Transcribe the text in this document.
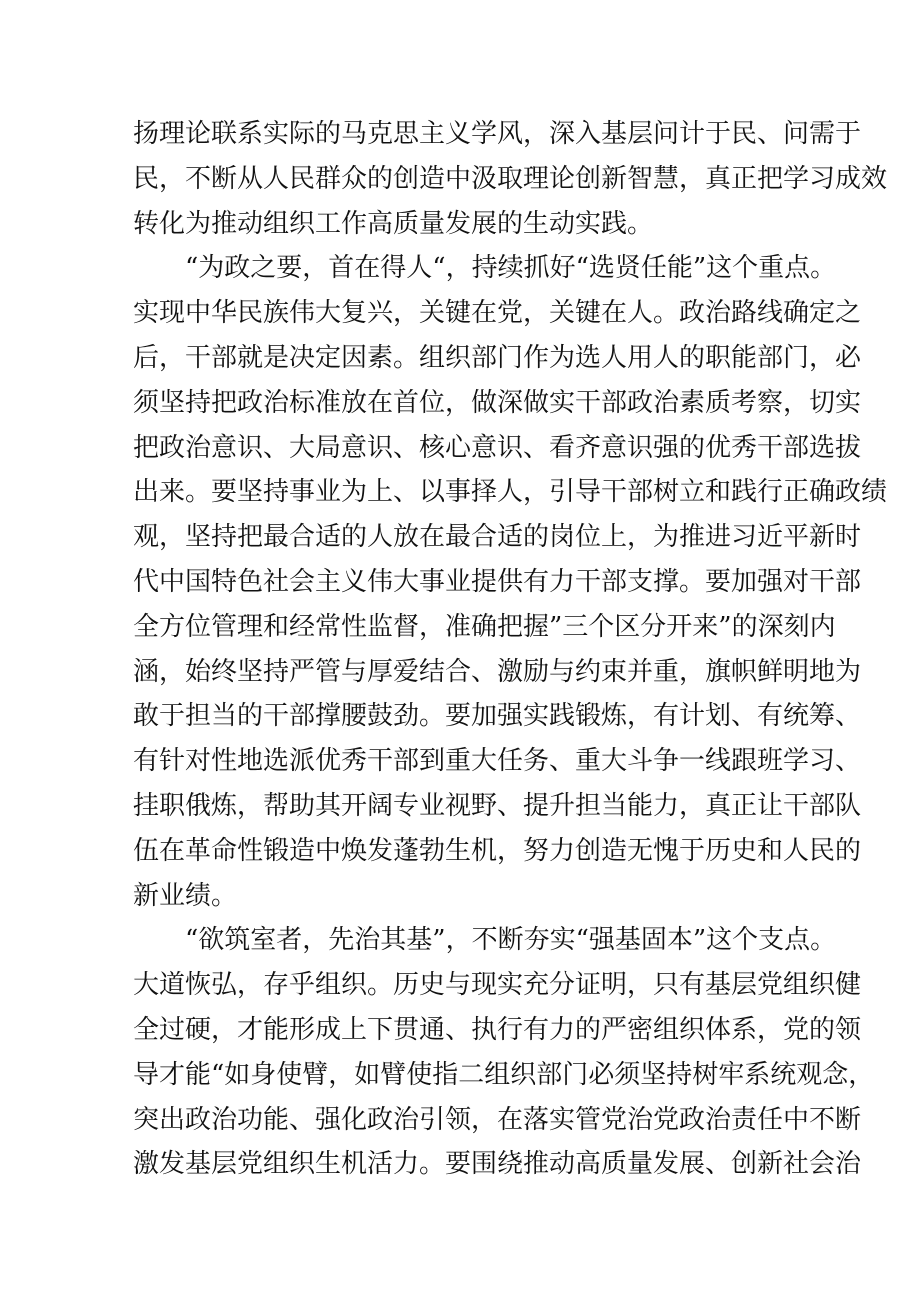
扬理论联系实际的马克思主义学风，深入基层问计于民、问需于
民，不断从人民群众的创造中汲取理论创新智慧，真正把学习成效
转化为推动组织工作高质量发展的生动实践。
“为政之要，首在得人“，持续抓好“选贤任能”这个重点。
实现中华民族伟大复兴，关键在党，关键在人。政治路线确定之
后，干部就是决定因素。组织部门作为选人用人的职能部门，必
须坚持把政治标准放在首位，做深做实干部政治素质考察，切实
把政治意识、大局意识、核心意识、看齐意识强的优秀干部选拔
出来。要坚持事业为上、以事择人，引导干部树立和践行正确政绩
观，坚持把最合适的人放在最合适的岗位上，为推进习近平新时
代中国特色社会主义伟大事业提供有力干部支撑。要加强对干部
全方位管理和经常性监督，准确把握”三个区分开来”的深刻内
涵，始终坚持严管与厚爱结合、激励与约束并重，旗帜鲜明地为
敢于担当的干部撑腰鼓劲。要加强实践锻炼，有计划、有统筹、
有针对性地选派优秀干部到重大任务、重大斗争一线跟班学习、
挂职俄炼，帮助其开阔专业视野、提升担当能力，真正让干部队
伍在革命性锻造中焕发蓬勃生机，努力创造无愧于历史和人民的
新业绩。
“欲筑室者，先治其基”，不断夯实“强基固本”这个支点。
大道恢弘，存乎组织。历史与现实充分证明，只有基层党组织健
全过硬，才能形成上下贯通、执行有力的严密组织体系，党的领
导才能“如身使臂，如臂使指二组织部门必须坚持树牢系统观念，
突出政治功能、强化政治引领，在落实管党治党政治责任中不断
激发基层党组织生机活力。要围绕推动高质量发展、创新社会治
